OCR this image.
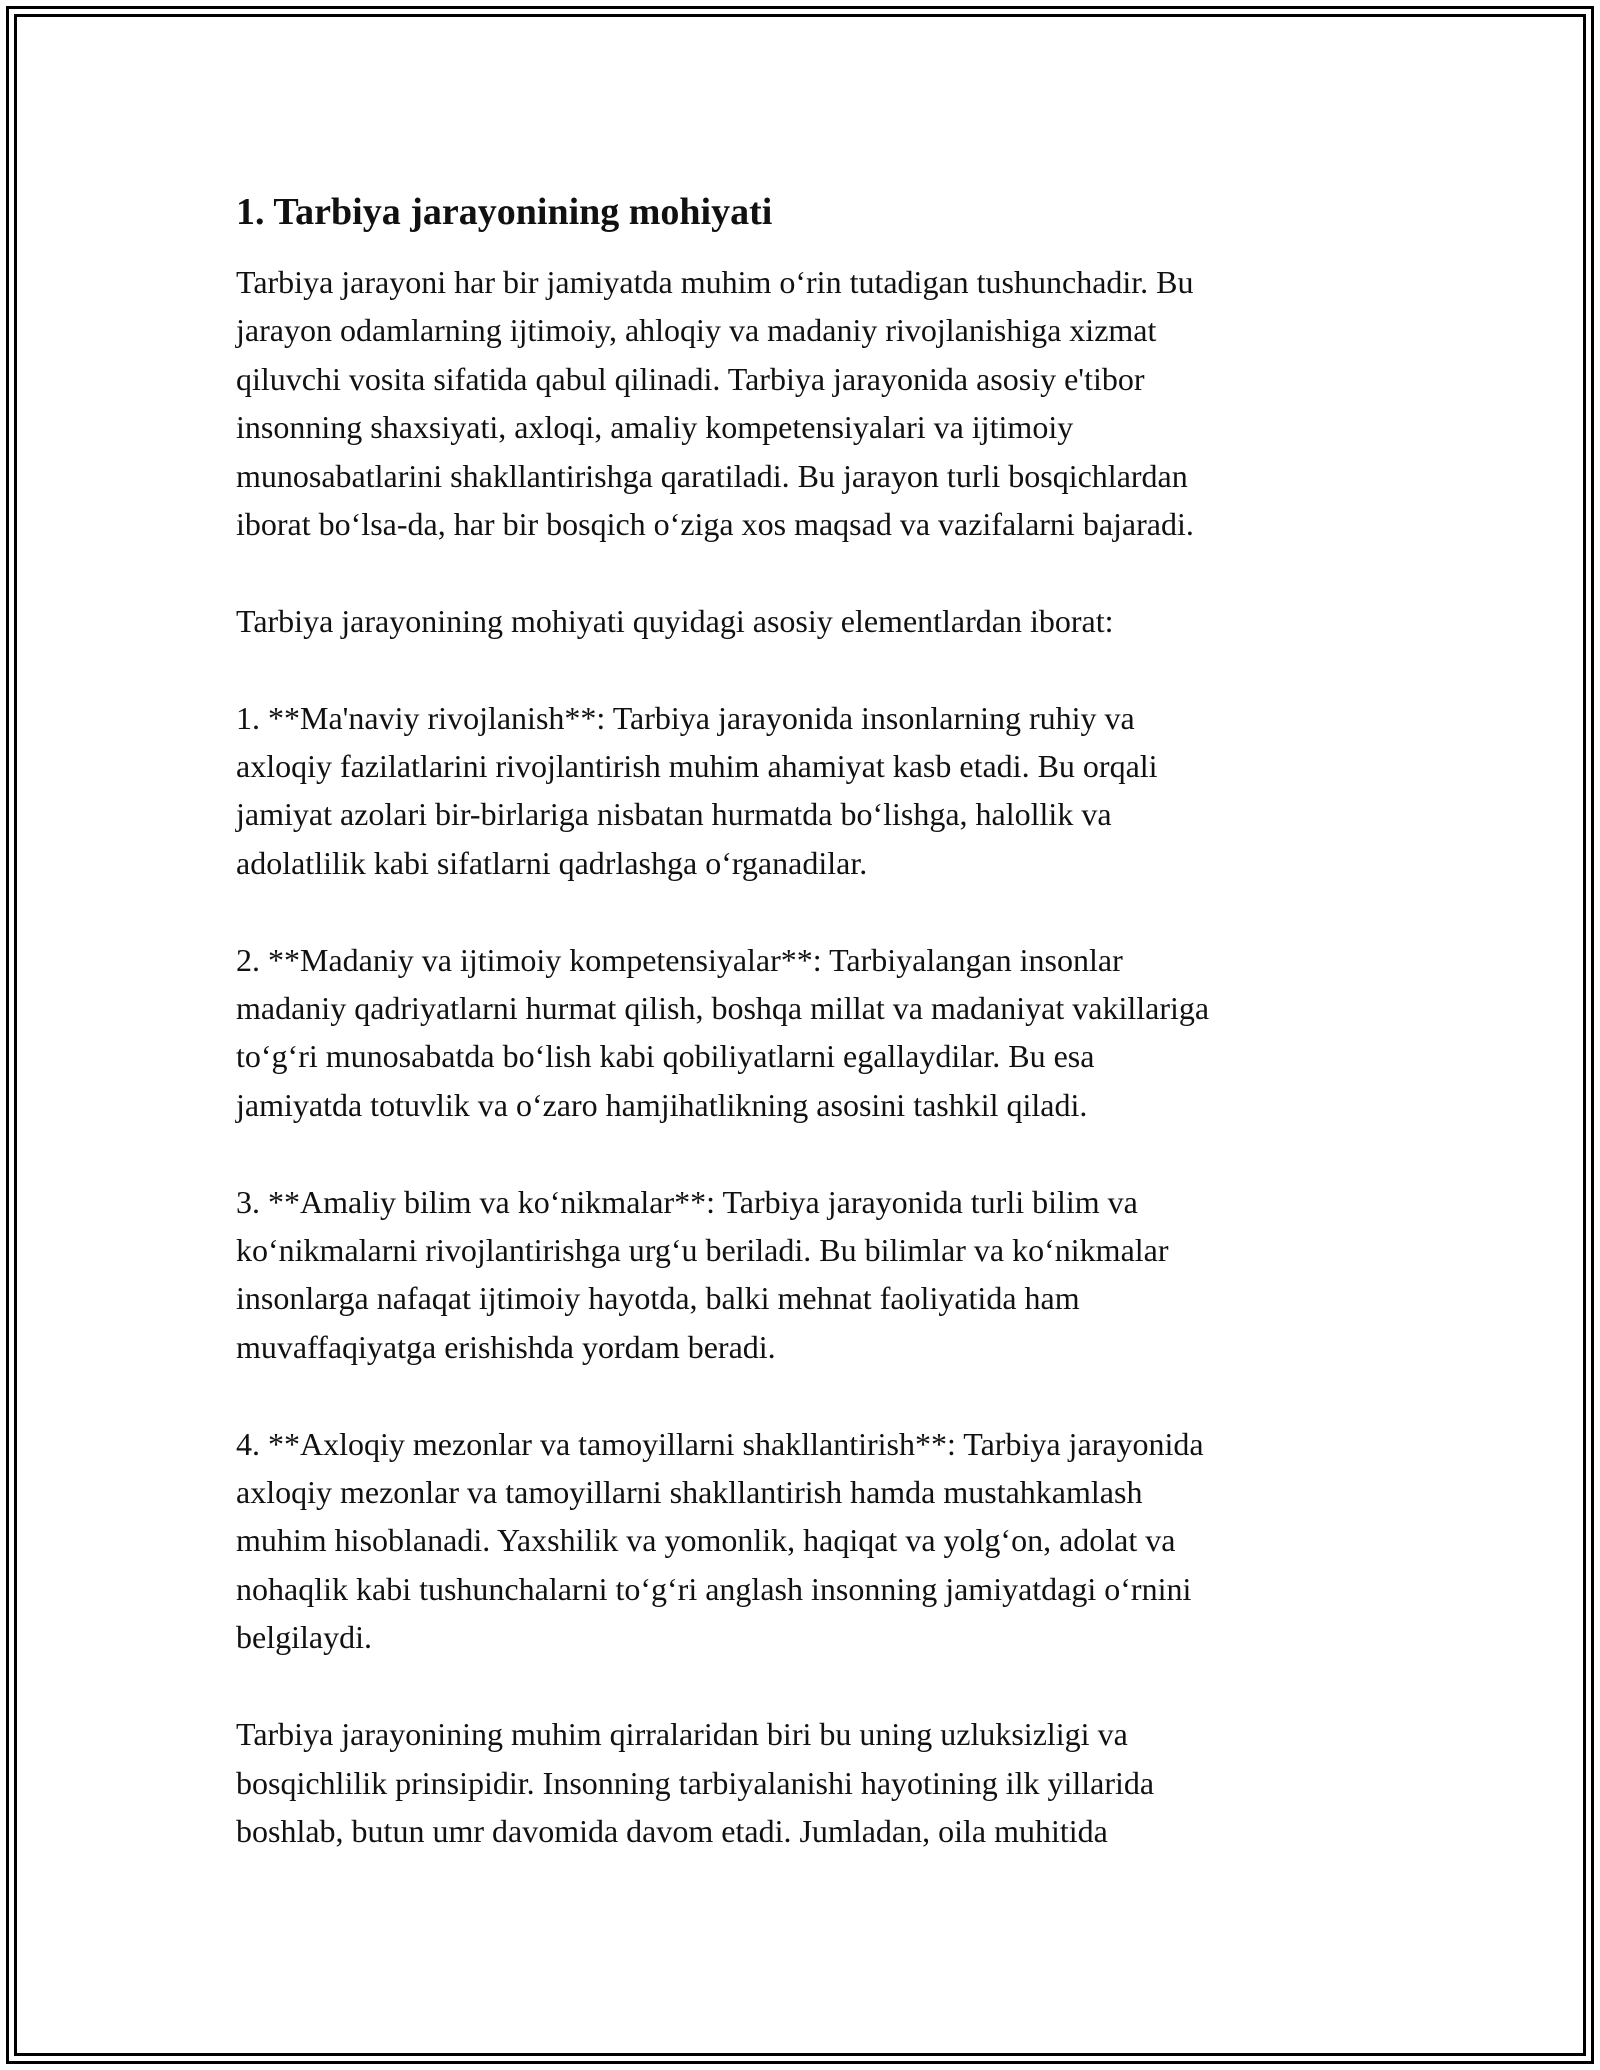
1. Tarbiya jarayonining mohiyati
Tarbiya jarayoni har bir jamiyatda muhim o‘rin tutadigan tushunchadir. Bu
jarayon odamlarning ijtimoiy, ahloqiy va madaniy rivojlanishiga xizmat
qiluvchi vosita sifatida qabul qilinadi. Tarbiya jarayonida asosiy e'tibor
insonning shaxsiyati, axloqi, amaliy kompetensiyalari va ijtimoiy
munosabatlarini shakllantirishga qaratiladi. Bu jarayon turli bosqichlardan
iborat bo‘lsa-da, har bir bosqich o‘ziga xos maqsad va vazifalarni bajaradi.
Tarbiya jarayonining mohiyati quyidagi asosiy elementlardan iborat:
1. **Ma'naviy rivojlanish**: Tarbiya jarayonida insonlarning ruhiy va
axloqiy fazilatlarini rivojlantirish muhim ahamiyat kasb etadi. Bu orqali
jamiyat azolari bir-birlariga nisbatan hurmatda bo‘lishga, halollik va
adolatlilik kabi sifatlarni qadrlashga o‘rganadilar.
2. **Madaniy va ijtimoiy kompetensiyalar**: Tarbiyalangan insonlar
madaniy qadriyatlarni hurmat qilish, boshqa millat va madaniyat vakillariga
to‘g‘ri munosabatda bo‘lish kabi qobiliyatlarni egallaydilar. Bu esa
jamiyatda totuvlik va o‘zaro hamjihatlikning asosini tashkil qiladi.
3. **Amaliy bilim va ko‘nikmalar**: Tarbiya jarayonida turli bilim va
ko‘nikmalarni rivojlantirishga urg‘u beriladi. Bu bilimlar va ko‘nikmalar
insonlarga nafaqat ijtimoiy hayotda, balki mehnat faoliyatida ham
muvaffaqiyatga erishishda yordam beradi.
4. **Axloqiy mezonlar va tamoyillarni shakllantirish**: Tarbiya jarayonida
axloqiy mezonlar va tamoyillarni shakllantirish hamda mustahkamlash
muhim hisoblanadi. Yaxshilik va yomonlik, haqiqat va yolg‘on, adolat va
nohaqlik kabi tushunchalarni to‘g‘ri anglash insonning jamiyatdagi o‘rnini
belgilaydi.
Tarbiya jarayonining muhim qirralaridan biri bu uning uzluksizligi va
bosqichlilik prinsipidir. Insonning tarbiyalanishi hayotining ilk yillarida
boshlab, butun umr davomida davom etadi. Jumladan, oila muhitida
